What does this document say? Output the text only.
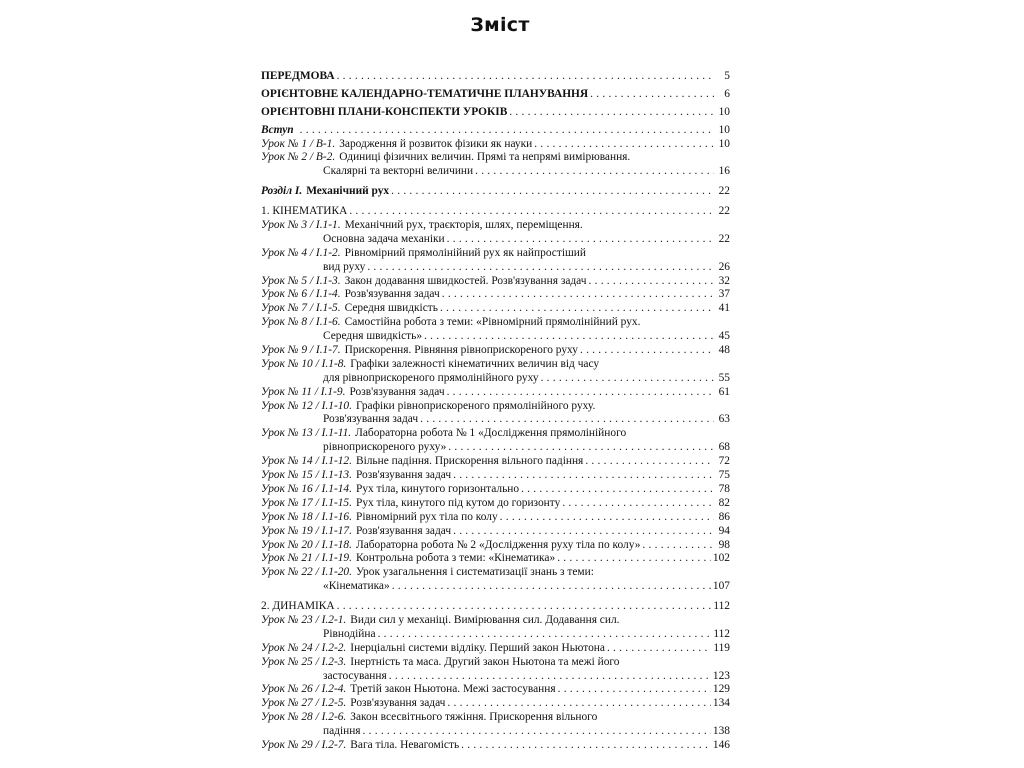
Зміст
ПЕРЕДМОВА . . .	5
ОРІЄНТОВНЕ КАЛЕНДАРНО-ТЕМАТИЧНЕ ПЛАНУВАННЯ . . .	6
ОРІЄНТОВНІ ПЛАНИ-КОНСПЕКТИ УРОКІВ . . .	10
Вступ . . .	10
Урок № 1 / В-1. Зародження й розвиток фізики як науки . . .	10
Урок № 2 / В-2. Одиниці фізичних величин. Прямі та непрямі вимірювання.
Скалярні та векторні величини . . .	16
Розділ І. Механічний рух . . .	22
1. КІНЕМАТИКА . . .	22
Урок № 3 / І.1-1. Механічний рух, траєкторія, шлях, переміщення.
Основна задача механіки . . .	22
Урок № 4 / І.1-2. Рівномірний прямолінійний рух як найпростіший
вид руху . . .	26
Урок № 5 / І.1-3. Закон додавання швидкостей. Розв'язування задач . . .	32
Урок № 6 / І.1-4. Розв'язування задач . . .	37
Урок № 7 / І.1-5. Середня швидкість . . .	41
Урок № 8 / І.1-6. Самостійна робота з теми: «Рівномірний прямолінійний рух.
Середня швидкість» . . .	45
Урок № 9 / І.1-7. Прискорення. Рівняння рівноприскореного руху . . .	48
Урок № 10 / І.1-8. Графіки залежності кінематичних величин від часу
для рівноприскореного прямолінійного руху . . .	55
Урок № 11 / І.1-9. Розв'язування задач . . .	61
Урок № 12 / І.1-10. Графіки рівноприскореного прямолінійного руху.
Розв'язування задач . . .	63
Урок № 13 / І.1-11. Лабораторна робота № 1 «Дослідження прямолінійного
рівноприскореного руху» . . .	68
Урок № 14 / І.1-12. Вільне падіння. Прискорення вільного падіння . . .	72
Урок № 15 / І.1-13. Розв'язування задач . . .	75
Урок № 16 / І.1-14. Рух тіла, кинутого горизонтально . . .	78
Урок № 17 / І.1-15. Рух тіла, кинутого під кутом до горизонту . . .	82
Урок № 18 / І.1-16. Рівномірний рух тіла по колу . . .	86
Урок № 19 / І.1-17. Розв'язування задач . . .	94
Урок № 20 / І.1-18. Лабораторна робота № 2 «Дослідження руху тіла по колу» . . .	98
Урок № 21 / І.1-19. Контрольна робота з теми: «Кінематика» . . .	102
Урок № 22 / І.1-20. Урок узагальнення і систематизації знань з теми:
«Кінематика» . . .	107
2. ДИНАМІКА . . .	112
Урок № 23 / І.2-1. Види сил у механіці. Вимірювання сил. Додавання сил.
Рівнодійна . . .	112
Урок № 24 / І.2-2. Інерціальні системи відліку. Перший закон Ньютона . . .	119
Урок № 25 / І.2-3. Інертність та маса. Другий закон Ньютона та межі його
застосування . . .	123
Урок № 26 / І.2-4. Третій закон Ньютона. Межі застосування . . .	129
Урок № 27 / І.2-5. Розв'язування задач . . .	134
Урок № 28 / І.2-6. Закон всесвітнього тяжіння. Прискорення вільного
падіння . . .	138
Урок № 29 / І.2-7. Вага тіла. Невагомість . . .	146
